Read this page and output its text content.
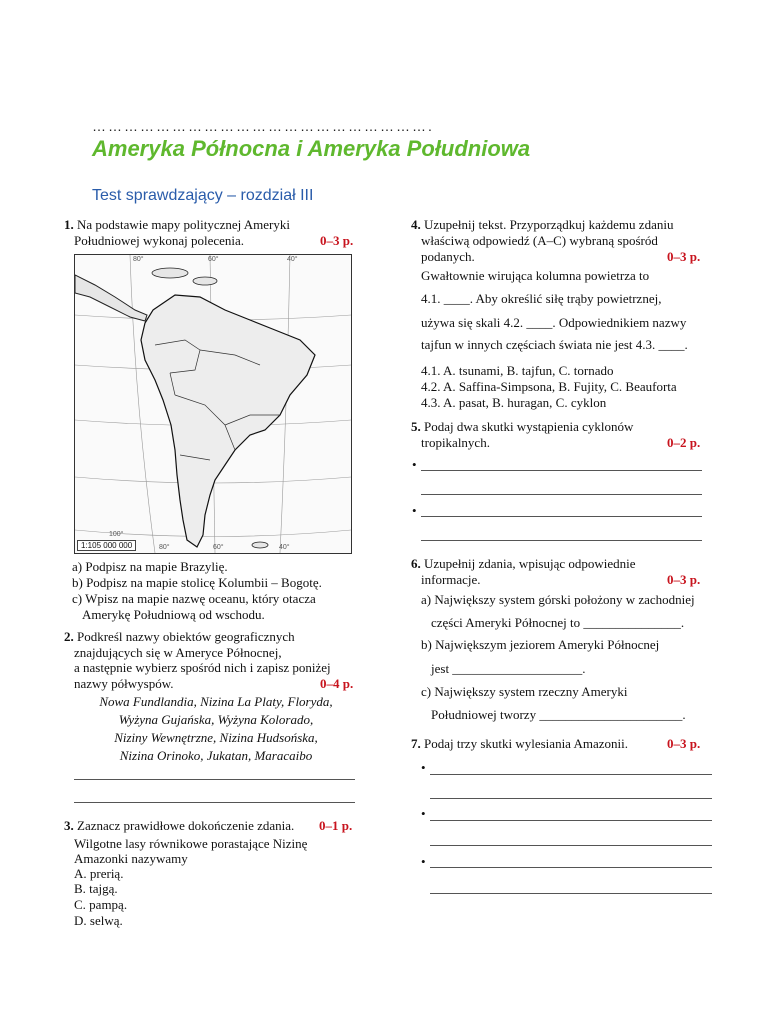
……………………………………………………….
Ameryka Północna i Ameryka Południowa
Test sprawdzający – rozdział III
1. Na podstawie mapy politycznej Ameryki
Południowej wykonaj polecenia.	0–3 p.
80°	60°	40°
100°
80°	60°	40°
1:105 000 000
a) Podpisz na mapie Brazylię.
b) Podpisz na mapie stolicę Kolumbii – Bogotę.
c) Wpisz na mapie nazwę oceanu, który otacza
Amerykę Południową od wschodu.
2. Podkreśl nazwy obiektów geograficznych
znajdujących się w Ameryce Północnej,
a następnie wybierz spośród nich i zapisz poniżej
nazwy półwyspów.	0–4 p.
Nowa Fundlandia, Nizina La Platy, Floryda,
Wyżyna Gujańska, Wyżyna Kolorado,
Niziny Wewnętrzne, Nizina Hudsońska,
Nizina Orinoko, Jukatan, Maracaibo
3. Zaznacz prawidłowe dokończenie zdania. 0–1 p.
Wilgotne lasy równikowe porastające Nizinę
Amazonki nazywamy
A. prerią.
B. tajgą.
C. pampą.
D. selwą.
4. Uzupełnij tekst. Przyporządkuj każdemu zdaniu
właściwą odpowiedź (A–C) wybraną spośród
podanych.	0–3 p.
Gwałtownie wirująca kolumna powietrza to
4.1. ____. Aby określić siłę trąby powietrznej,
używa się skali 4.2. ____. Odpowiednikiem nazwy
tajfun w innych częściach świata nie jest 4.3. ____.
4.1. A. tsunami, B. tajfun, C. tornado
4.2. A. Saffina-Simpsona, B. Fujity, C. Beauforta
4.3. A. pasat, B. huragan, C. cyklon
5. Podaj dwa skutki wystąpienia cyklonów
tropikalnych.	0–2 p.
•
•
6. Uzupełnij zdania, wpisując odpowiednie
informacje.	0–3 p.
a) Największy system górski położony w zachodniej
części Ameryki Północnej to _______________.
b) Największym jeziorem Ameryki Północnej
jest ____________________.
c) Największy system rzeczny Ameryki
Południowej tworzy ______________________.
7. Podaj trzy skutki wylesiania Amazonii.	0–3 p.
•
•
•
